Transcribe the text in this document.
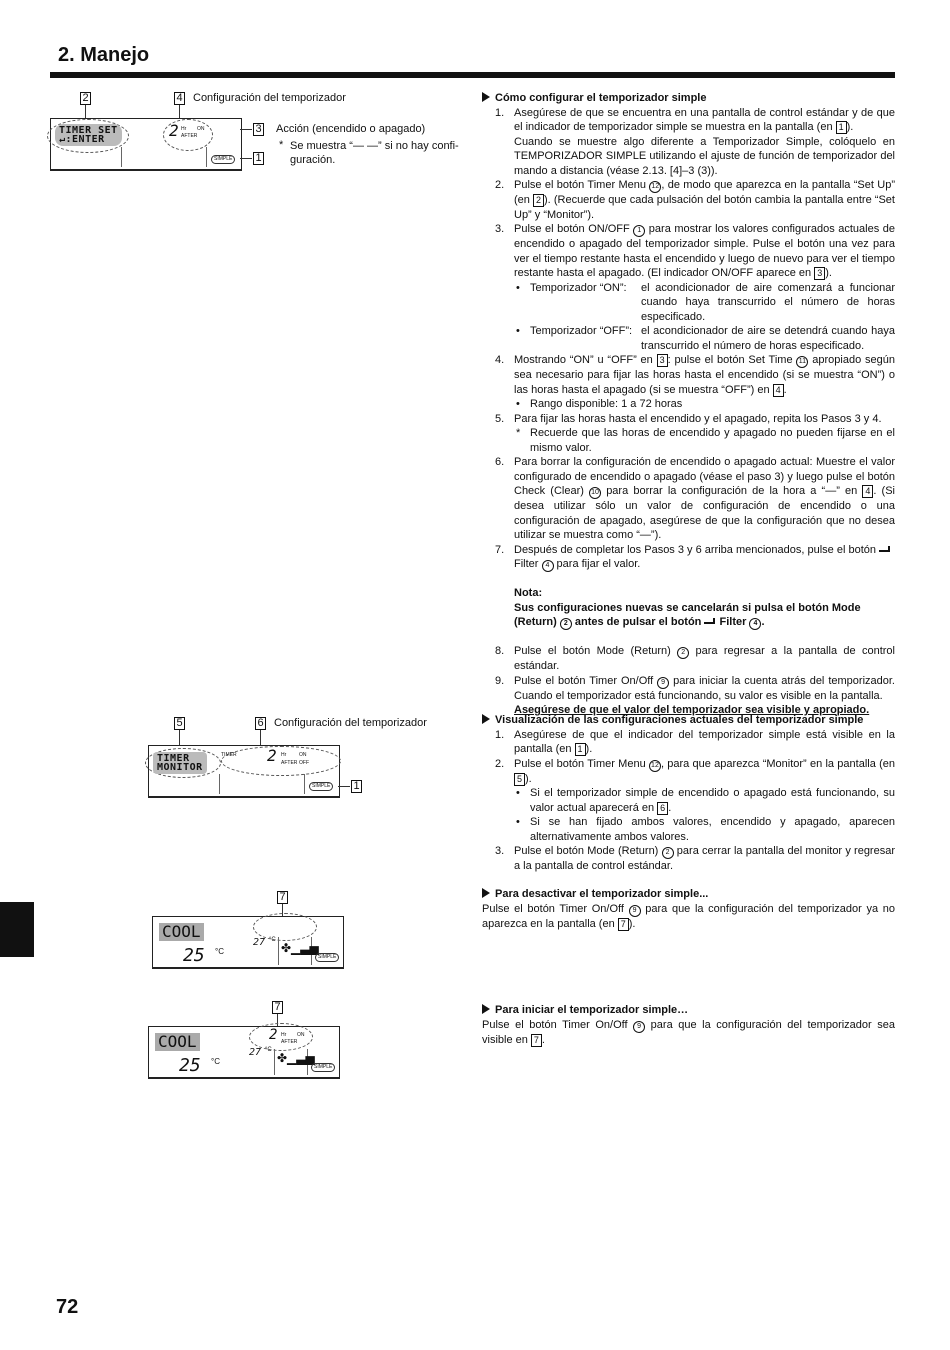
2. Manejo
72
2	4 Configuración del temporizador
TIMER SET
↵:ENTER	2 Hr
AFTER
ON
SIMPLE
3
1
Acción (encendido o apagado)
* Se muestra “— —” si no hay confi-guración.
5	6 Configuración del temporizador
TIMER
MONITOR
TIMER 2 Hr
AFTER
ON
OFF
SIMPLE 1
7
COOL
25 °C
27 °C
✤▁▃▅
SIMPLE
7
COOL
25 °C
27 °C
2 Hr
AFTER
ON
✤▁▃▅
SIMPLE

Cómo configurar el temporizador simple

1. Asegúrese de que se encuentra en una pantalla de control estándar y de que el indicador de temporizador simple se muestra en la pantalla (en 1 ).
Cuando se muestre algo diferente a Temporizador Simple, colóquelo en TEMPORIZADOR SIMPLE utilizando el ajuste de función de temporizador del mando a distancia (véase 2.13. [4]–3 (3)).

2. Pulse el botón Timer Menu 12 , de modo que aparezca en la pantalla “Set Up” (en 2 ). (Recuerde que cada pulsación del botón cambia la pantalla entre “Set Up” y “Monitor”).

3. Pulse el botón ON/OFF 1 para mostrar los valores configurados actuales de encendido o apagado del temporizador simple. Pulse el botón una vez para ver el tiempo restante hasta el encendido y luego de nuevo para ver el tiempo restante hasta el apagado. (El indicador ON/OFF aparece en 3 ).

• Temporizador “ON”: el acondicionador de aire comenzará a funcionar cuando haya transcurrido el número de horas especificado.

• Temporizador “OFF”: el acondicionador de aire se detendrá cuando haya transcurrido el número de horas especificado.

4. Mostrando “ON” u “OFF” en 3 : pulse el botón Set Time 11 apropiado según sea necesario para fijar las horas hasta el encendido (si se muestra “ON”) o las horas hasta el apagado (si se muestra “OFF”) en 4 .

• Rango disponible: 1 a 72 horas

5. Para fijar las horas hasta el encendido y el apagado, repita los Pasos 3 y 4.

* Recuerde que las horas de encendido y apagado no pueden fijarse en el mismo valor.

6. Para borrar la configuración de encendido o apagado actual: Muestre el valor configurado de encendido o apagado (véase el paso 3) y luego pulse el botón Check (Clear) 10 para borrar la configuración de la hora a “—” en 4 . (Si desea utilizar sólo un valor de configuración de encendido o una configuración de apagado, asegúrese de que la configuración que no desea utilizar se muestra como “—”).

7. Después de completar los Pasos 3 y 6 arriba mencionados, pulse el botón
Filter 4 para fijar el valor.

Nota:

Sus configuraciones nuevas se cancelarán si pulsa el botón Mode (Return) 2 antes de pulsar el botón  Filter 4 .

8. Pulse el botón Mode (Return) 2 para regresar a la pantalla de control estándar.

9. Pulse el botón Timer On/Off 9 para iniciar la cuenta atrás del temporizador. Cuando el temporizador está funcionando, su valor es visible en la pantalla.
Asegúrese de que el valor del temporizador sea visible y apropiado.

Visualización de las configuraciones actuales del temporizador simple

1. Asegúrese de que el indicador del temporizador simple está visible en la pantalla (en 1 ).

2. Pulse el botón Timer Menu 12 , para que aparezca “Monitor” en la pantalla (en 5 ).

• Si el temporizador simple de encendido o apagado está funcionando, su valor actual aparecerá en 6 .

• Si se han fijado ambos valores, encendido y apagado, aparecen alternativamente ambos valores.

3. Pulse el botón Mode (Return) 2 para cerrar la pantalla del monitor y regresar a la pantalla de control estándar.

Para desactivar el temporizador simple...

Pulse el botón Timer On/Off 9 para que la configuración del temporizador ya no aparezca en la pantalla (en 7 ).

Para iniciar el temporizador simple…

Pulse el botón Timer On/Off 9 para que la configuración del temporizador sea visible en 7 .
